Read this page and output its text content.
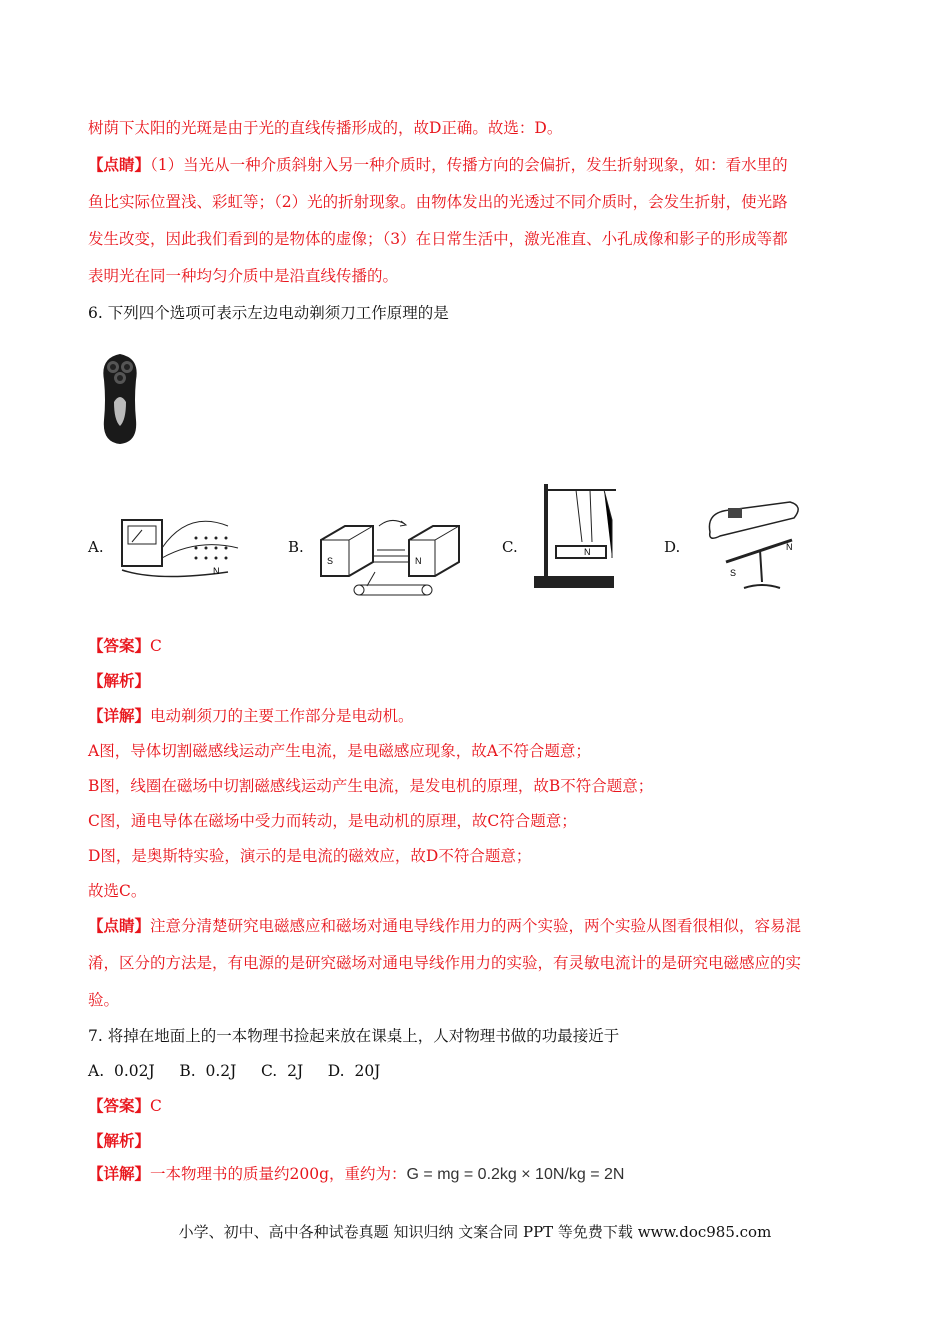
树荫下太阳的光斑是由于光的直线传播形成的，故D正确。故选：D。
【点睛】（1）当光从一种介质斜射入另一种介质时，传播方向的会偏折，发生折射现象，如：看水里的
鱼比实际位置浅、彩虹等；（2）光的折射现象。由物体发出的光透过不同介质时，会发生折射，使光路
发生改变，因此我们看到的是物体的虚像；（3）在日常生活中，激光准直、小孔成像和影子的形成等都
表明光在同一种均匀介质中是沿直线传播的。
6. 下列四个选项可表示左边电动剃须刀工作原理的是
A.
N
B.
S	N
C.	N	D.
S
N
【答案】C
【解析】
【详解】电动剃须刀的主要工作部分是电动机。
A图，导体切割磁感线运动产生电流，是电磁感应现象，故A不符合题意；
B图，线圈在磁场中切割磁感线运动产生电流，是发电机的原理，故B不符合题意；
C图，通电导体在磁场中受力而转动，是电动机的原理，故C符合题意；
D图，是奥斯特实验，演示的是电流的磁效应，故D不符合题意；
故选C。
【点睛】注意分清楚研究电磁感应和磁场对通电导线作用力的两个实验，两个实验从图看很相似，容易混
淆，区分的方法是，有电源的是研究磁场对通电导线作用力的实验，有灵敏电流计的是研究电磁感应的实
验。
7. 将掉在地面上的一本物理书捡起来放在课桌上，人对物理书做的功最接近于
A.  0.02J     B.  0.2J     C.  2J     D.  20J
【答案】C
【解析】
【详解】一本物理书的质量约200g，重约为：G = mg = 0.2kg × 10N/kg = 2N
小学、初中、高中各种试卷真题 知识归纳 文案合同 PPT 等免费下载 www.doc985.com
